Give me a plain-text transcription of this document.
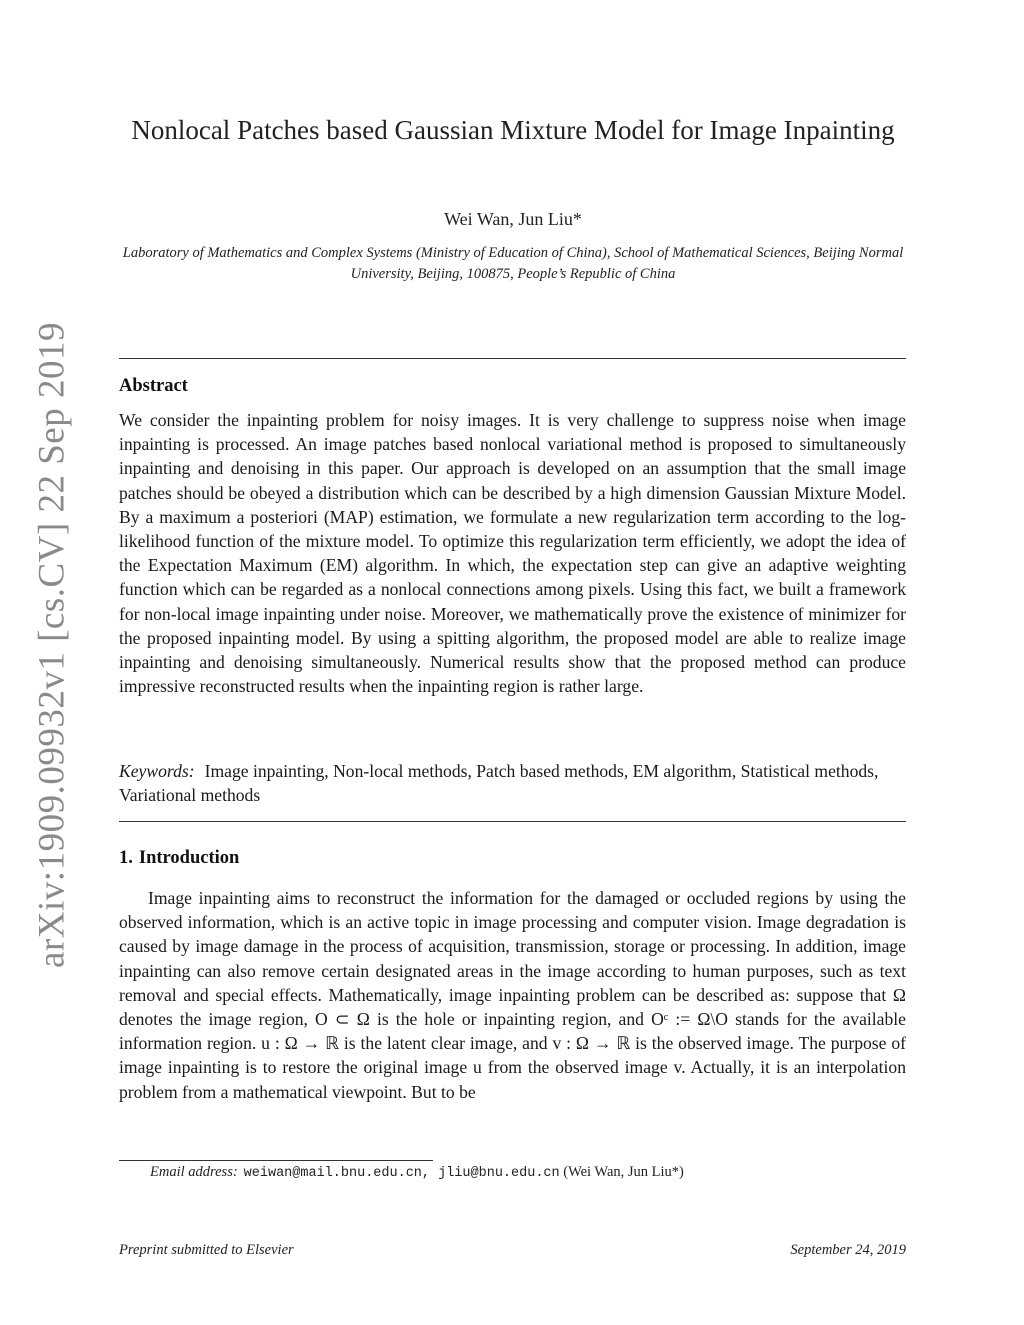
arXiv:1909.09932v1 [cs.CV] 22 Sep 2019
Nonlocal Patches based Gaussian Mixture Model for Image Inpainting
Wei Wan, Jun Liu*
Laboratory of Mathematics and Complex Systems (Ministry of Education of China), School of Mathematical Sciences, Beijing Normal University, Beijing, 100875, People’s Republic of China
Abstract
We consider the inpainting problem for noisy images. It is very challenge to suppress noise when image inpainting is processed. An image patches based nonlocal variational method is proposed to simultaneously inpainting and denoising in this paper. Our approach is developed on an assumption that the small image patches should be obeyed a distribution which can be described by a high dimension Gaussian Mixture Model. By a maximum a posteriori (MAP) estimation, we formulate a new regularization term according to the log-likelihood function of the mixture model. To optimize this regularization term efficiently, we adopt the idea of the Expectation Maximum (EM) algorithm. In which, the expectation step can give an adaptive weighting function which can be regarded as a nonlocal connections among pixels. Using this fact, we built a framework for non-local image inpainting under noise. Moreover, we mathematically prove the existence of minimizer for the proposed inpainting model. By using a spitting algorithm, the proposed model are able to realize image inpainting and denoising simultaneously. Numerical results show that the proposed method can produce impressive reconstructed results when the inpainting region is rather large.
Keywords: Image inpainting, Non-local methods, Patch based methods, EM algorithm, Statistical methods, Variational methods
1. Introduction
Image inpainting aims to reconstruct the information for the damaged or occluded regions by using the observed information, which is an active topic in image processing and computer vision. Image degradation is caused by image damage in the process of acquisition, transmission, storage or processing. In addition, image inpainting can also remove certain designated areas in the image according to human purposes, such as text removal and special effects. Mathematically, image inpainting problem can be described as: suppose that Ω denotes the image region, O ⊂ Ω is the hole or inpainting region, and Oᶜ := Ω\O stands for the available information region. u : Ω → ℝ is the latent clear image, and v : Ω → ℝ is the observed image. The purpose of image inpainting is to restore the original image u from the observed image v. Actually, it is an interpolation problem from a mathematical viewpoint. But to be
Email address: weiwan@mail.bnu.edu.cn, jliu@bnu.edu.cn (Wei Wan, Jun Liu*)
Preprint submitted to Elsevier	September 24, 2019
